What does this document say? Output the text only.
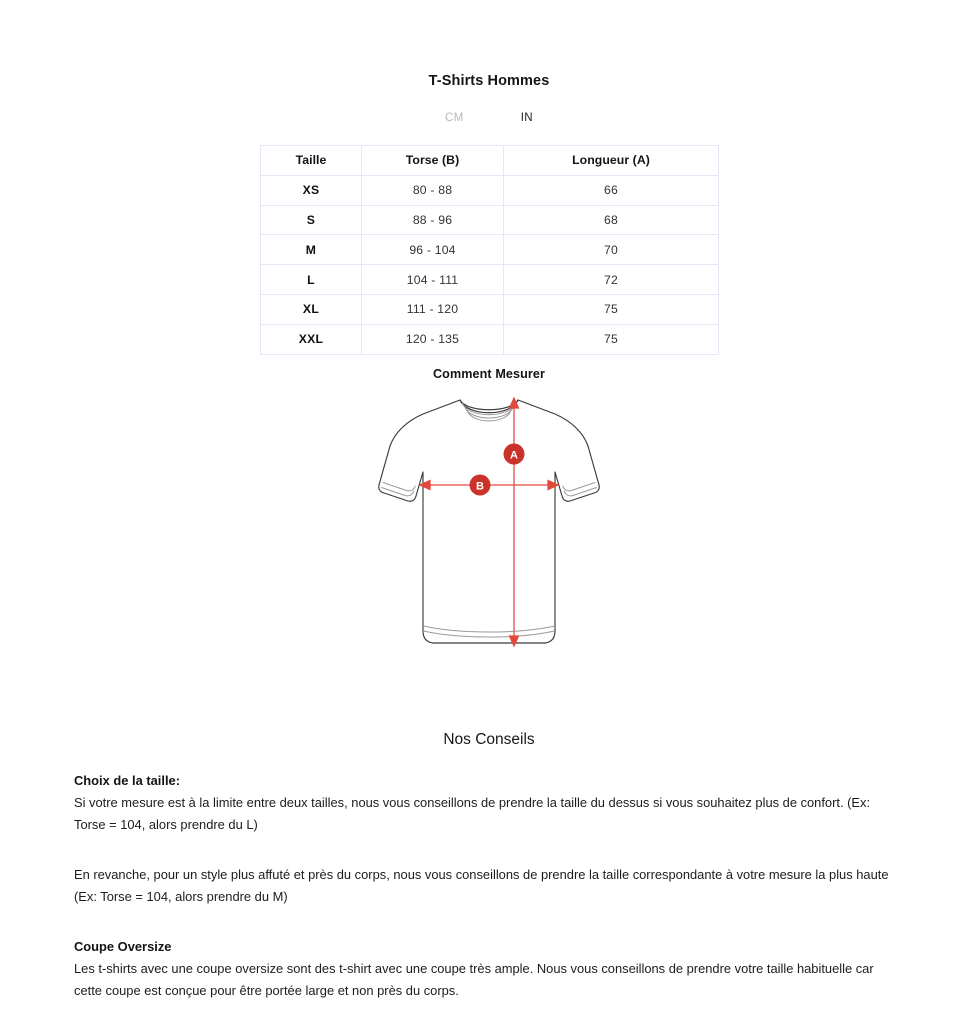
T-Shirts Hommes
CM	IN
Taille	Torse (B)	Longueur (A)
XS	80 - 88	66
S	88 - 96	68
M	96 - 104	70
L	104 - 111	72
XL	111 - 120	75
XXL	120 - 135	75
Comment Mesurer
A
B
Nos Conseils

Choix de la taille:

Si votre mesure est à la limite entre deux tailles, nous vous conseillons de prendre la taille du dessus si vous souhaitez plus de confort. (Ex: Torse = 104, alors prendre du L)

En revanche, pour un style plus affuté et près du corps, nous vous conseillons de prendre la taille correspondante à votre mesure la plus haute (Ex: Torse = 104, alors prendre du M)

Coupe Oversize

Les t-shirts avec une coupe oversize sont des t-shirt avec une coupe très ample. Nous vous conseillons de prendre votre taille habituelle car cette coupe est conçue pour être portée large et non près du corps.
